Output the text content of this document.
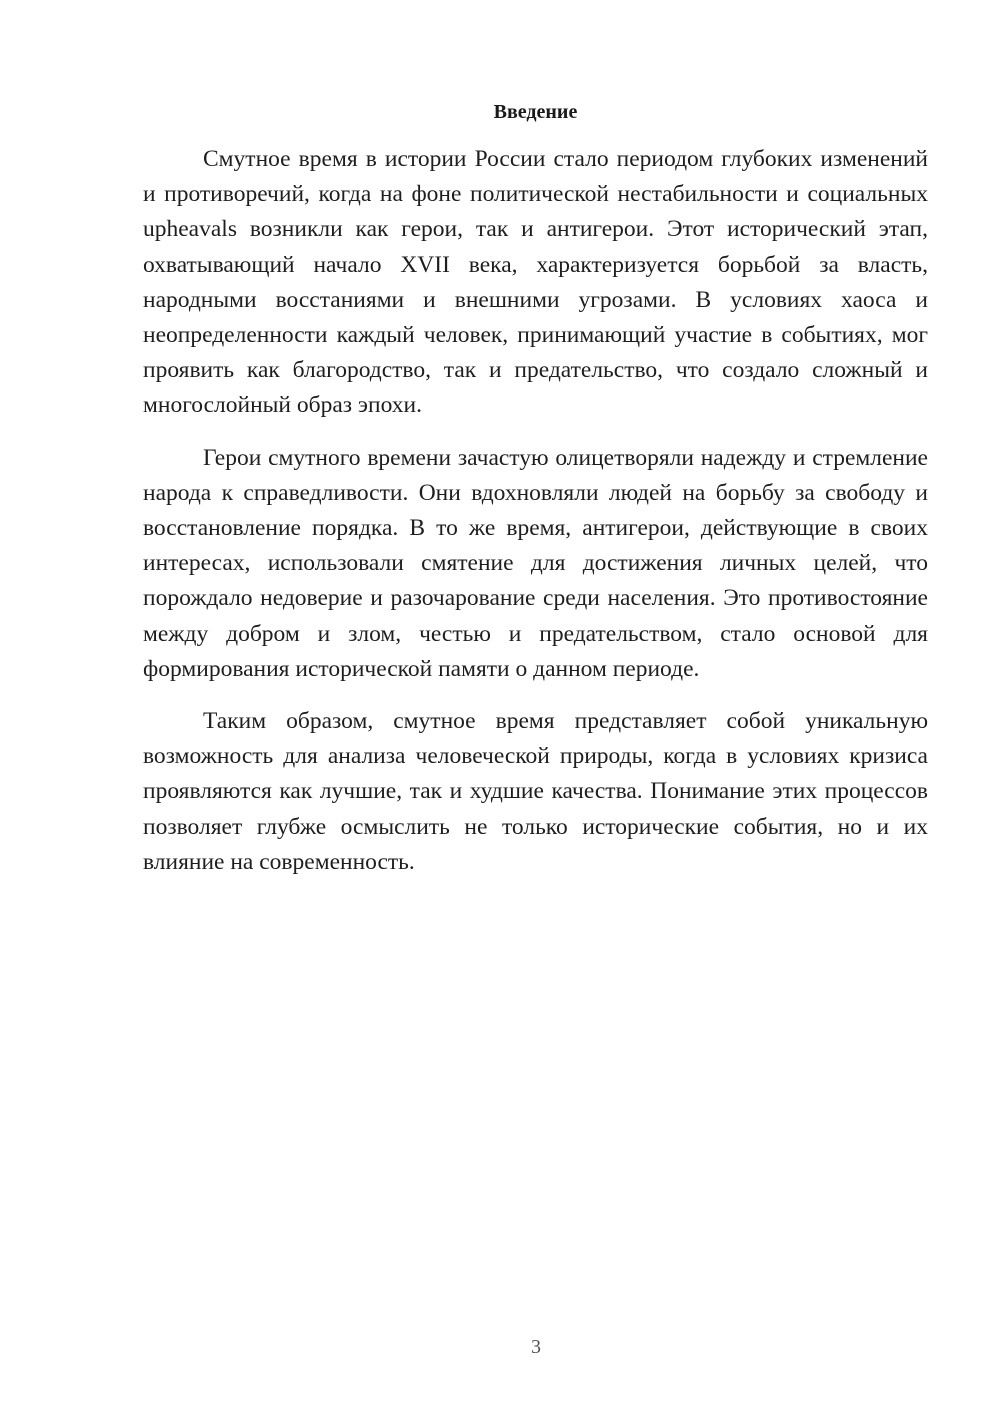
Введение

Смутное время в истории России стало периодом глубоких изменений и противоречий, когда на фоне политической нестабильности и социальных upheavals возникли как герои, так и антигерои. Этот исторический этап, охватывающий начало XVII века, характеризуется борьбой за власть, народными восстаниями и внешними угрозами. В условиях хаоса и неопределенности каждый человек, принимающий участие в событиях, мог проявить как благородство, так и предательство, что создало сложный и многослойный образ эпохи.

Герои смутного времени зачастую олицетворяли надежду и стремление народа к справедливости. Они вдохновляли людей на борьбу за свободу и восстановление порядка. В то же время, антигерои, действующие в своих интересах, использовали смятение для достижения личных целей, что порождало недоверие и разочарование среди населения. Это противостояние между добром и злом, честью и предательством, стало основой для формирования исторической памяти о данном периоде.

Таким образом, смутное время представляет собой уникальную возможность для анализа человеческой природы, когда в условиях кризиса проявляются как лучшие, так и худшие качества. Понимание этих процессов позволяет глубже осмыслить не только исторические события, но и их влияние на современность.

3
